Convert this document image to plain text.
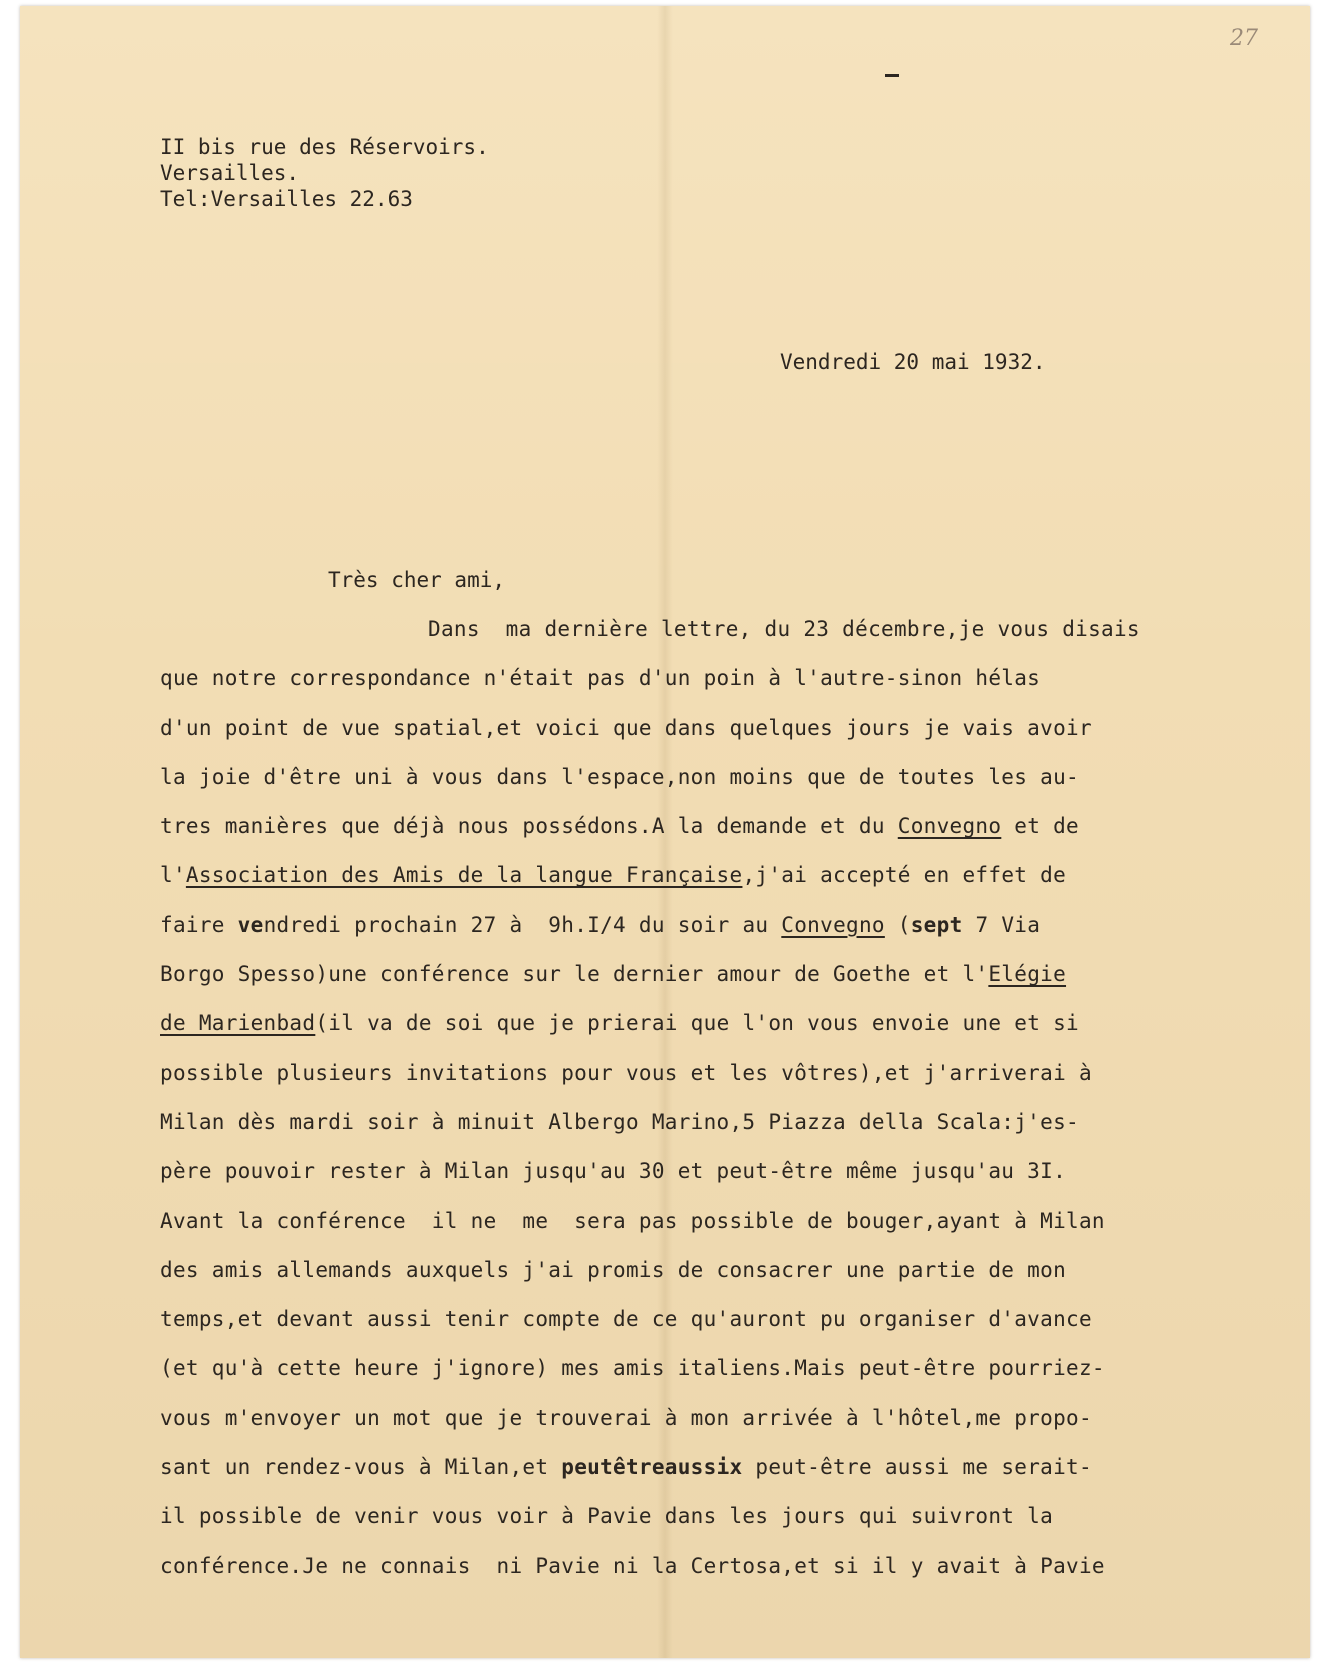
27
II bis rue des Réservoirs.
Versailles.
Tel:Versailles 22.63
Vendredi 20 mai 1932.
Très cher ami,
Dans  ma dernière lettre, du 23 décembre,je vous disais
que notre correspondance n'était pas d'un poin à l'autre-sinon hélas
d'un point de vue spatial,et voici que dans quelques jours je vais avoir
la joie d'être uni à vous dans l'espace,non moins que de toutes les au-
tres manières que déjà nous possédons.A la demande et du Convegno et de
l'Association des Amis de la langue Française,j'ai accepté en effet de
faire vendredi prochain 27 à  9h.I/4 du soir au Convegno (sept 7 Via
Borgo Spesso)une conférence sur le dernier amour de Goethe et l'Elégie
de Marienbad(il va de soi que je prierai que l'on vous envoie une et si
possible plusieurs invitations pour vous et les vôtres),et j'arriverai à
Milan dès mardi soir à minuit Albergo Marino,5 Piazza della Scala:j'es-
père pouvoir rester à Milan jusqu'au 30 et peut-être même jusqu'au 3I.
Avant la conférence  il ne  me  sera pas possible de bouger,ayant à Milan
des amis allemands auxquels j'ai promis de consacrer une partie de mon
temps,et devant aussi tenir compte de ce qu'auront pu organiser d'avance
(et qu'à cette heure j'ignore) mes amis italiens.Mais peut-être pourriez-
vous m'envoyer un mot que je trouverai à mon arrivée à l'hôtel,me propo-
sant un rendez-vous à Milan,et peutêtreaussix peut-être aussi me serait-
il possible de venir vous voir à Pavie dans les jours qui suivront la
conférence.Je ne connais  ni Pavie ni la Certosa,et si il y avait à Pavie
